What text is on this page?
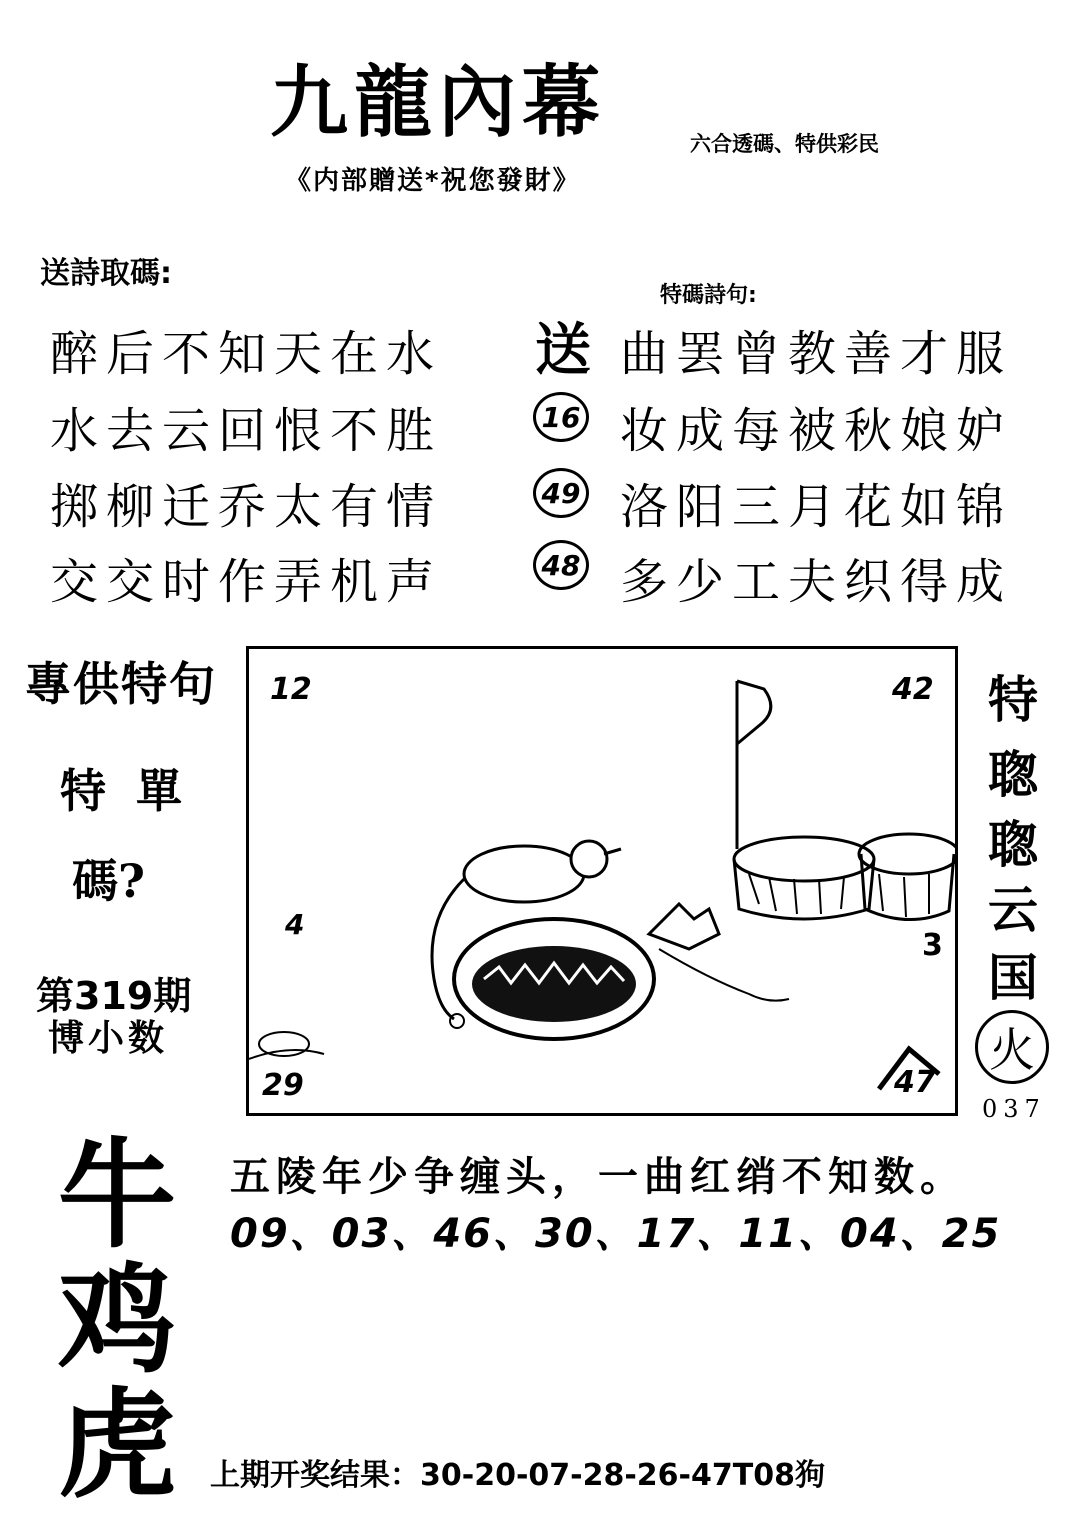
九龍內幕	六合透碼、特供彩民
《内部贈送*祝您發財》
送詩取碼:
特碼詩句:
醉后不知天在水
水去云回恨不胜
掷柳迁乔太有情
交交时作弄机声
送
16
49
48
曲罢曾教善才服
妆成每被秋娘妒
洛阳三月花如锦
多少工夫织得成
專供特句
特單
碼?
第319期
博小数
牛
鸡
虎
12	42
29	47
4
3
特
聦
聦
云
国
火
037
五陵年少争缠头，一曲红绡不知数。
09、03、46、30、17、11、04、25
上期开奖结果：30-20-07-28-26-47T08狗
